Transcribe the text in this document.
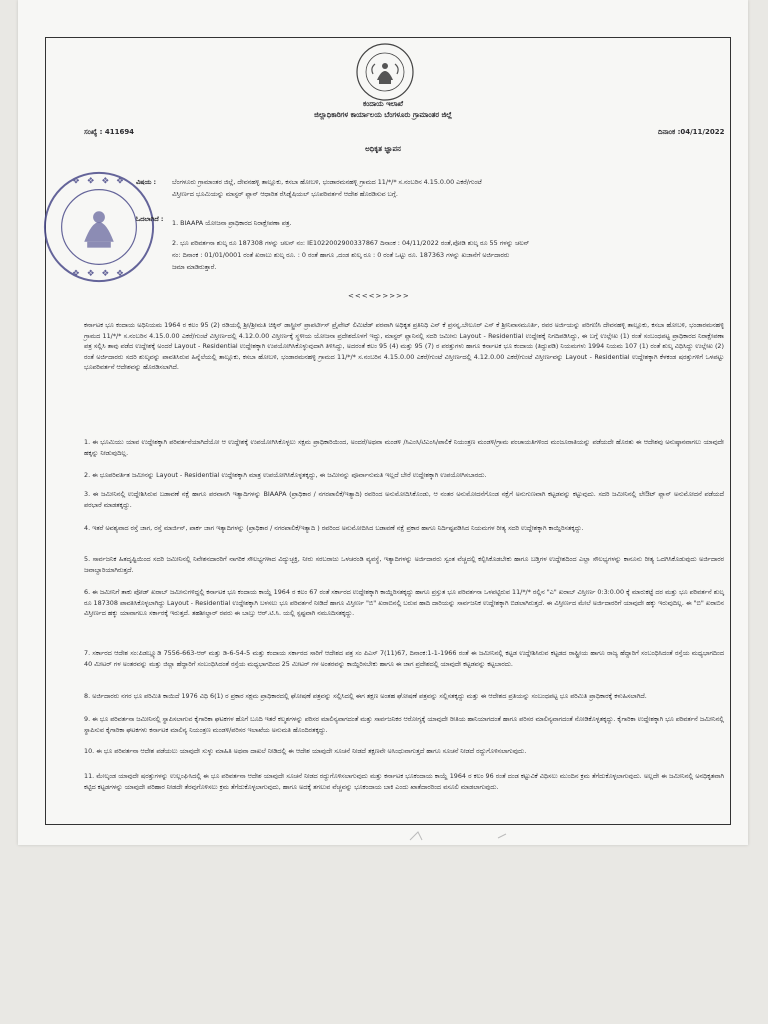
ಕಂದಾಯ ಇಲಾಖೆ
ಜಿಲ್ಲಾಧಿಕಾರಿಗಳ ಕಾರ್ಯಾಲಯ ಬೆಂಗಳೂರು ಗ್ರಾಮಾಂತರ ಜಿಲ್ಲೆ
ಸಂಖ್ಯೆ : 411694	ದಿನಾಂಕ :04/11/2022
ಅಧಿಕೃತ ಜ್ಞಾಪನ
❖ ❖ ❖ ❖
❖ ❖ ❖ ❖
ವಿಷಯ : ಬೆಂಗಳೂರು ಗ್ರಾಮಾಂತರ ಜಿಲ್ಲೆ, ದೇವನಹಳ್ಳಿ ತಾಲ್ಲೂಕು, ಕಸಬಾ ಹೋಬಳಿ, ಭಂಡಾರಮನಹಳ್ಳಿ ಗ್ರಾಮದ 11/*/* ಸ.ನಂಬರಿನ 4.15.0.00 ಎಕರೆ/ಗುಂಟೆ
ವಿಸ್ತೀರ್ಣದ ಭೂಮಿಯನ್ನು ಮಾಸ್ಟರ್ ಪ್ಲಾನ್ ಆಧಾರಿತ ರೆಸಿಡ್ನೆಷಿಯಲ್ ಭೂಪರಿವರ್ತನೆ ಆದೇಶ ಹೊರಡಿಸುವ ಬಗ್ಗೆ.
ಓದಲಾಗಿದೆ : 1. BIAAPA ಯೋಜನಾ ಪ್ರಾಧಿಕಾರದ ನಿರಾಕ್ಷೇಪಣಾ ಪತ್ರ.
2. ಭೂ ಪರಿವರ್ತನಾ ಶುಲ್ಕ ರೂ 187308 ಗಳನ್ನು ಚಲನ್ ನಂ: IE1022002900337867 ದಿನಾಂಕ : 04/11/2022 ರಂತೆ,ಪೋಡಿ ಶುಲ್ಕ ರೂ 55 ಗಳನ್ನು ಚಲನ್
ನಂ: ದಿನಾಂಕ : 01/01/0001 ರಂತೆ ಖರಾಬು ಶುಲ್ಕ ರೂ. : 0 ರಂತೆ ಹಾಗೂ ,ದಂಡ ಶುಲ್ಕ ರೂ : 0 ರಂತೆ ಒಟ್ಟು ರೂ. 187363 ಗಳನ್ನು ಖಜಾನೆಗೆ ಅರ್ಜಿದಾರರು
ಜಮಾ ಮಾಡಿರುತ್ತಾರೆ.
<<<<>>>>>
ಕರ್ನಾಟಕ ಭೂ ಕಂದಾಯ ಅಧಿನಿಯಮ 1964 ರ ಕಲಂ 95 (2) ರಡಿಯಲ್ಲಿ ಶ್ರೀ/ಶ್ರೀಮತಿ ಚಿಕ್ಕಿನ್ ಡಾಸ್ಟ್ರೀಸ್ ಪ್ರಾಪರ್ಟೀಸ್ ಪ್ರೈವೇಟ್ ಲಿಮಿಟೆಡ್ ಪರವಾಗಿ ಅಧಿಕೃತ ಪ್ರತಿನಿಧಿ ಎನ್ ಕೆ ಪ್ರಸನ್ನ,ಬೇಲೂರ್ ಎಸ್ ಕೆ ಶ್ರೀನಿವಾಸಮೂರ್ತಿ, ರವರ ಅರ್ಜಿಯನ್ನು ಪರಿಗಣಿಸಿ ದೇವನಹಳ್ಳಿ ತಾಲ್ಲೂಕು, ಕಸಬಾ ಹೋಬಳಿ, ಭಂಡಾರಮನಹಳ್ಳಿ ಗ್ರಾಮದ 11/*/* ಸ.ನಂಬರಿನ 4.15.0.00 ಎಕರೆ/ಗುಂಟೆ ವಿಸ್ತೀರ್ಣದಲ್ಲಿ 4.12.0.00 ವಿಸ್ತೀರ್ಣಕ್ಕೆ ಸ್ಥಳೀಯ ಯೋಜನಾ ಪ್ರದೇಶದೊಳಗೆ ಇದ್ದು, ಮಾಸ್ಟರ್ ಪ್ಲಾನಿನಲ್ಲಿ ಸದರಿ ಜಮೀನು Layout - Residential ಉದ್ದೇಶಕ್ಕೆ ನಿಗದಿಪಡಿಸಿದ್ದು, ಈ ಬಗ್ಗೆ ಉಲ್ಲೇಖ (1) ರಂತೆ ಸಂಬಂಧಪಟ್ಟ ಪ್ರಾಧಿಕಾರದ ನಿರಾಕ್ಷೇಪಣಾ ಪತ್ರ ಸಲ್ಲಿಸಿ ತಾವು ಪಡೆದ ಉದ್ದೇಶಕ್ಕೆ ಅಂದರೆ Layout - Residential ಉದ್ದೇಶಕ್ಕಾಗಿ ಉಪಯೋಗಿಸಿಕೊಳ್ಳುವುದಾಗಿ ತಿಳಿಸಿದ್ದು, ಅದರಂತೆ ಕಲಂ 95 (4) ಮತ್ತು 95 (7) ರ ಪರತ್ತುಗಳು ಹಾಗೂ ಕರ್ನಾಟಕ ಭೂ ಕಂದಾಯ (ತಿದ್ದುಪಡಿ) ನಿಯಮಗಳು 1994 ನಿಯಮ 107 (1) ರಂತೆ ಶುಲ್ಕ ವಿಧಿಸಿದ್ದು ಉಲ್ಲೇಖ (2) ರಂತೆ ಅರ್ಜಿದಾರರು ಸದರಿ ಶುಲ್ಕವನ್ನು ಪಾವತಿಸಿರುವ ಹಿನ್ನೆಲೆಯಲ್ಲಿ ತಾಲ್ಲೂಕು, ಕಸಬಾ ಹೋಬಳಿ, ಭಂಡಾರಮನಹಳ್ಳಿ ಗ್ರಾಮದ 11/*/* ಸ.ನಂಬರಿನ 4.15.0.00 ಎಕರೆ/ಗುಂಟೆ ವಿಸ್ತೀರ್ಣದಲ್ಲಿ 4.12.0.00 ಎಕರೆ/ಗುಂಟೆ ವಿಸ್ತೀರ್ಣವನ್ನು Layout - Residential ಉದ್ದೇಶಕ್ಕಾಗಿ ಕೆಳಕಂಡ ಷರತ್ತುಗಳಿಗೆ ಒಳಪಟ್ಟು ಭೂಪರಿವರ್ತನೆ ಆದೇಶವನ್ನು ಹೊರಡಿಸಲಾಗಿದೆ.
1. ಈ ಭೂಮಿಯು ಯಾವ ಉದ್ದೇಶಕ್ಕಾಗಿ ಪರಿವರ್ತನೆಯಾಗಿದೆಯೋ ಆ ಉದ್ದೇಶಕ್ಕೆ ಉಪಯೋಗಿಸಿಕೊಳ್ಳಲು ಸಕ್ಷಮ ಪ್ರಾಧಿಕಾರಿಯಿಂದ, ಅಂದರೆ/ಅಥವಾ ಮಂಡಳಿ /ಸಿಎಂಸಿ/ಟಿಎಂಸಿ/ಪಾಲಿಕೆ ನಿಯಂತ್ರಣ ಮಂಡಳಿ/ಗ್ರಾಮ ಪಂಚಾಯತಿಗಳಿಂದ ಮಂಜೂರಾತಿಯನ್ನು ಪಡೆಯದೇ ಹೊರತು ಈ ಆದೇಶವು ಅನುಷ್ಠಾನವಾಗಲು ಯಾವುದೇ ಹಕ್ಕನ್ನು ನೀಡುವುದಿಲ್ಲ.
2. ಈ ಭೂಪರಿವರ್ತಿತ ಜಮೀನನ್ನು Layout - Residential ಉದ್ದೇಶಕ್ಕಾಗಿ ಮಾತ್ರ ಉಪಯೋಗಿಸಿಕೊಳ್ಳತಕ್ಕದ್ದು, ಈ ಜಮೀನನ್ನು ಪೂರ್ವಾನುಮತಿ ಇಲ್ಲದೆ ಬೇರೆ ಉದ್ದೇಶಕ್ಕಾಗಿ ಉಪಯೋಗಿಸಬಾರದು.
3. ಈ ಜಮೀನಿನಲ್ಲಿ ಉದ್ದೇಶಿಸಿರುವ ಬಡಾವಣೆ ನಕ್ಷೆ ಹಾಗೂ ಪರವಾನಗಿ ಇತ್ಯಾದಿಗಳನ್ನು BIAAPA (ಪ್ರಾಧಿಕಾರ / ನಗರಪಾಲಿಕೆ/ಇತ್ಯಾದಿ) ರವರಿಂದ ಅನುಮೋದಿಸಿಕೊಂಡು, ಆ ನಂತರ ಅನುಮೋದನೆಗೊಂಡ ನಕ್ಷೆಗೆ ಅನುಗುಣವಾಗಿ ಕಟ್ಟಡವನ್ನು ಕಟ್ಟುವುದು. ಸದರಿ ಜಮೀನಿನಲ್ಲಿ ಲೇಔಟ್ ಪ್ಲಾನ್ ಅನುಮೋದನೆ ಪಡೆಯದೆ ಪರಭಾರೆ ಮಾಡತಕ್ಕದ್ದು.
4. ಇತರೆ ಅವಶ್ಯವಾದ ರಸ್ತೆ ಜಾಗ, ರಸ್ತೆ ಮಾರ್ಜಿನ್, ಪಾರ್ಕ ಜಾಗ ಇತ್ಯಾದಿಗಳನ್ನು (ಪ್ರಾಧಿಕಾರ / ನಗರಪಾಲಿಕೆ/ಇತ್ಯಾದಿ ) ರವರಿಂದ ಅನುಮೋದಿಸಿದ ಬಡಾವಣೆ ನಕ್ಷೆ ಪ್ರಕಾರ ಹಾಗೂ ನಿರ್ದಿಷ್ಟಪಡಿಸಿದ ನಿಯಮಗಳ ರೀತ್ಯ ಸದರಿ ಉದ್ದೇಶಕ್ಕಾಗಿ ಕಾಯ್ದಿರಿಸತಕ್ಕದ್ದು.
5. ಸಾರ್ವಜನಿಕ ಹಿತದೃಷ್ಟಿಯಿಂದ ಸದರಿ ಜಮೀನಿನಲ್ಲಿ ನಿವೇಶನದಾರರಿಗೆ ನಾಗರಿಕ ಸೌಲಭ್ಯಗಳಾದ ವಿದ್ಯುಚ್ಛಕ್ತಿ, ನೀರು ಸರಬರಾಜು ಒಳಚರಂಡಿ ವ್ಯವಸ್ಥೆ, ಇತ್ಯಾದಿಗಳನ್ನು ಅರ್ಜಿದಾರರು ಸ್ವಂತ ವೆಚ್ಚದಲ್ಲಿ ಕಲ್ಪಿಸಿಕೊಡಬೇಕು ಹಾಗೂ ಬಡ್ತಿಗಳ ಉದ್ದೇಶದಿಂದ ಎಲ್ಲಾ ಸೌಲಭ್ಯಗಳನ್ನು ಕಾನೂನು ರೀತ್ಯ ಒದಗಿಸಿಕೊಡುವುದು ಅರ್ಜಿದಾರರ ಜವಾಬ್ದಾರಿಯಾಗಿರುತ್ತದೆ.
6. ಈ ಜಮೀನಿಗೆ ತಾಕು ಪೋಡ್ ಖರಾಬ್ ಜಮೀನುಗಳಿದ್ದಲ್ಲಿ ಕರ್ನಾಟಕ ಭೂ ಕಂದಾಯ ಕಾಯ್ದೆ 1964 ರ ಕಲಂ 67 ರಂತೆ ಸರ್ಕಾರದ ಉದ್ದೇಶಕ್ಕಾಗಿ ಕಾಯ್ದಿರಿಸತಕ್ಕದ್ದು ಹಾಗೂ ಪ್ರಸ್ತುತ ಭೂ ಪರಿವರ್ತನಾ ಒಳಪಟ್ಟಿರುವ 11/*/* ರಲ್ಲಿನ "ಎ" ಖರಾಬ್ ವಿಸ್ತೀರ್ಣ 0:3:0.00 ಕ್ಕೆ ಮಾರುಕಟ್ಟೆ ದರ ಮತ್ತು ಭೂ ಪರಿವರ್ತನೆ ಶುಲ್ಕ ರೂ 187308 ಪಾವತಿಸಿಕೊಳ್ಳಲಾಗಿದ್ದು Layout - Residential ಉದ್ದೇಶಕ್ಕಾಗಿ ಬಳಸಲು ಭೂ ಪರಿವರ್ತನೆ ನೀಡಿದೆ ಹಾಗೂ ವಿಸ್ತೀರ್ಣ "ಬಿ" ಖರಾಬಿನಲ್ಲಿ ಬರುವ ಹಾದಿ ದಾರಿಯನ್ನು ಸಾರ್ವಜನಿಕ ಉದ್ದೇಶಕ್ಕಾಗಿ ಬಿಡಲಾಗಿರುತ್ತದೆ. ಈ ವಿಸ್ತೀರ್ಣದ ಮೇಲೆ ಅರ್ಜಿದಾರರಿಗೆ ಯಾವುದೇ ಹಕ್ಕು ಇರುವುದಿಲ್ಲ. ಈ "ಬಿ" ಖರಾಬಿನ ವಿಸ್ತೀರ್ಣದ ಹಕ್ಕು ಯಾವಾಗಲೂ ಸರ್ಕಾರಕ್ಕೆ ಇರುತ್ತದೆ. ತಹಶೀಲ್ದಾರ್ ರವರು ಈ ಬಾಬ್ತು ಆರ್.ಟಿ.ಸಿ. ಯಲ್ಲಿ ಸ್ಪಷ್ಟವಾಗಿ ನಮೂದಿಸತಕ್ಕದ್ದು.
7. ಸರ್ಕಾರದ ಆದೇಶ ಸಂ:ಪಿಡಬ್ಲ್ಯೂಡಿ 7556-663-ಆರ್ ಮತ್ತು ಡಿ-6-54-5 ಮತ್ತು ಕಂದಾಯ ಸರ್ಕಾರದ ಸಾರಿಗೆ ಆದೇಶದ ಪತ್ರ ಸಂ ಪಿಎಸ್ 7(11)67, ದಿನಾಂಕ:1-1-1966 ರಂತೆ ಈ ಜಮೀನಿನಲ್ಲಿ ಕಟ್ಟಡ ಉದ್ದೇಶಿಸಿರುವ ಕಟ್ಟಡದ ರಾಷ್ಟ್ರೀಯ ಹಾಗೂ ರಾಜ್ಯ ಹೆದ್ದಾರಿಗೆ ಸಂಬಂಧಿಸಿದಂತೆ ರಸ್ತೆಯ ಮಧ್ಯಭಾಗದಿಂದ 40 ಮೀಟರ್ ಗಳ ಅಂತರವನ್ನು ಮತ್ತು ಜಿಲ್ಲಾ ಹೆದ್ದಾರಿಗೆ ಸಂಬಂಧಿಸಿದಂತೆ ರಸ್ತೆಯ ಮಧ್ಯಭಾಗದಿಂದ 25 ಮೀಟರ್ ಗಳ ಅಂತರವನ್ನು ಕಾಯ್ದಿರಿಸಬೇಕು ಹಾಗೂ ಈ ಜಾಗ ಪ್ರದೇಶದಲ್ಲಿ ಯಾವುದೇ ಕಟ್ಟಡವನ್ನು ಕಟ್ಟಬಾರದು.
8. ಅರ್ಜಿದಾರರು ನಗರ ಭೂ ಪರಿಮಿತಿ ಕಾಯಿದೆ 1976 ವಿಧಿ 6(1) ರ ಪ್ರಕಾರ ಸಕ್ಷಮ ಪ್ರಾಧಿಕಾರದಲ್ಲಿ ಘೋಷಣೆ ಪತ್ರವನ್ನು ಸಲ್ಲಿಸಿದಲ್ಲಿ ಈಗ ತಕ್ಷಣ ಅಂತಹ ಘೋಷಣೆ ಪತ್ರವನ್ನು ಸಲ್ಲಿಸತಕ್ಕದ್ದು ಮತ್ತು ಈ ಆದೇಶದ ಪ್ರತಿಯನ್ನು ಸಂಬಂಧಪಟ್ಟ ಭೂ ಪರಿಮಿತಿ ಪ್ರಾಧಿಕಾರಕ್ಕೆ ಕಳುಹಿಸಲಾಗಿದೆ.
9. ಈ ಭೂ ಪರಿವರ್ತನಾ ಜಮೀನಿನಲ್ಲಿ ಸ್ಥಾಪಿಸಲಾಗುವ ಕೈಗಾರಿಕಾ ಘಟಕಗಳ ಹೊಗೆ ಬೂದಿ ಇತರೆ ಕಲ್ಮಶಗಳನ್ನು ಪರಿಸರ ಮಾಲಿನ್ಯವಾಗದಂತೆ ಮತ್ತು ಸಾರ್ವಜನಿಕರ ಆರೋಗ್ಯಕ್ಕೆ ಯಾವುದೇ ರೀತಿಯ ಹಾನಿಯಾಗದಂತೆ ಹಾಗೂ ಪರಿಸರ ಮಾಲಿನ್ಯವಾಗದಂತೆ ನೋಡಿಕೊಳ್ಳತಕ್ಕದ್ದು. ಕೈಗಾರಿಕಾ ಉದ್ದೇಶಕ್ಕಾಗಿ ಭೂ ಪರಿವರ್ತನೆ ಜಮೀನಿನಲ್ಲಿ ಸ್ಥಾಪಿಸುವ ಕೈಗಾರಿಕಾ ಘಟಕಗಳು ಕರ್ನಾಟಕ ಮಾಲಿನ್ಯ ನಿಯಂತ್ರಣ ಮಂಡಳಿ/ಪರಿಸರ ಇಲಾಖೆಯ ಅನುಮತಿ ಹೊಂದಿರತಕ್ಕದ್ದು.
10. ಈ ಭೂ ಪರಿವರ್ತನಾ ಆದೇಶ ಪಡೆಯಲು ಯಾವುದೇ ಸುಳ್ಳು ಮಾಹಿತಿ ಅಥವಾ ದಾಖಲೆ ನೀಡಿದಲ್ಲಿ ಈ ಆದೇಶ ಯಾವುದೇ ಸೂಚನೆ ನೀಡದೆ ತಕ್ಷಣವೇ ಅಸಿಂಧುವಾಗುತ್ತದೆ ಹಾಗೂ ಸೂಚನೆ ನೀಡದೆ ರದ್ದುಗೊಳಿಸಲಾಗುವುದು.
11. ಮೇಲ್ಕಂಡ ಯಾವುದೇ ಷರತ್ತುಗಳನ್ನು ಉಲ್ಲಂಘಿಸಿದಲ್ಲಿ ಈ ಭೂ ಪರಿವರ್ತನಾ ಆದೇಶ ಯಾವುದೇ ಸೂಚನೆ ನೀಡದ ರದ್ದುಗೊಳಿಸಲಾಗುವುದು ಮತ್ತು ಕರ್ನಾಟಕ ಭೂಕಂದಾಯ ಕಾಯ್ದೆ 1964 ರ ಕಲಂ 96 ರಂತೆ ದಂಡ ಕಟ್ಟುವಿಕೆ ವಿಧಿಸಲು ಮುಂದಿನ ಕ್ರಮ ತೆಗೆದುಕೊಳ್ಳಲಾಗುವುದು. ಅಲ್ಲದೇ ಈ ಜಮೀನಿನಲ್ಲಿ ಅನಧಿಕೃತವಾಗಿ ಕಟ್ಟಿದ ಕಟ್ಟಡಗಳನ್ನು ಯಾವುದೇ ಪರಿಹಾರ ನೀಡದೇ ತೆರವುಗೊಳಿಸಲು ಕ್ರಮ ತೆಗೆದುಕೊಳ್ಳಲಾಗುವುದು, ಹಾಗೂ ಅದಕ್ಕೆ ತಗಲುವ ವೆಚ್ಚವನ್ನು ಭೂಕಂದಾಯ ಬಾಕಿ ಎಂದು ಖಾತೆದಾರರಿಂದ ವಸೂಲಿ ಮಾಡಲಾಗುವುದು.
